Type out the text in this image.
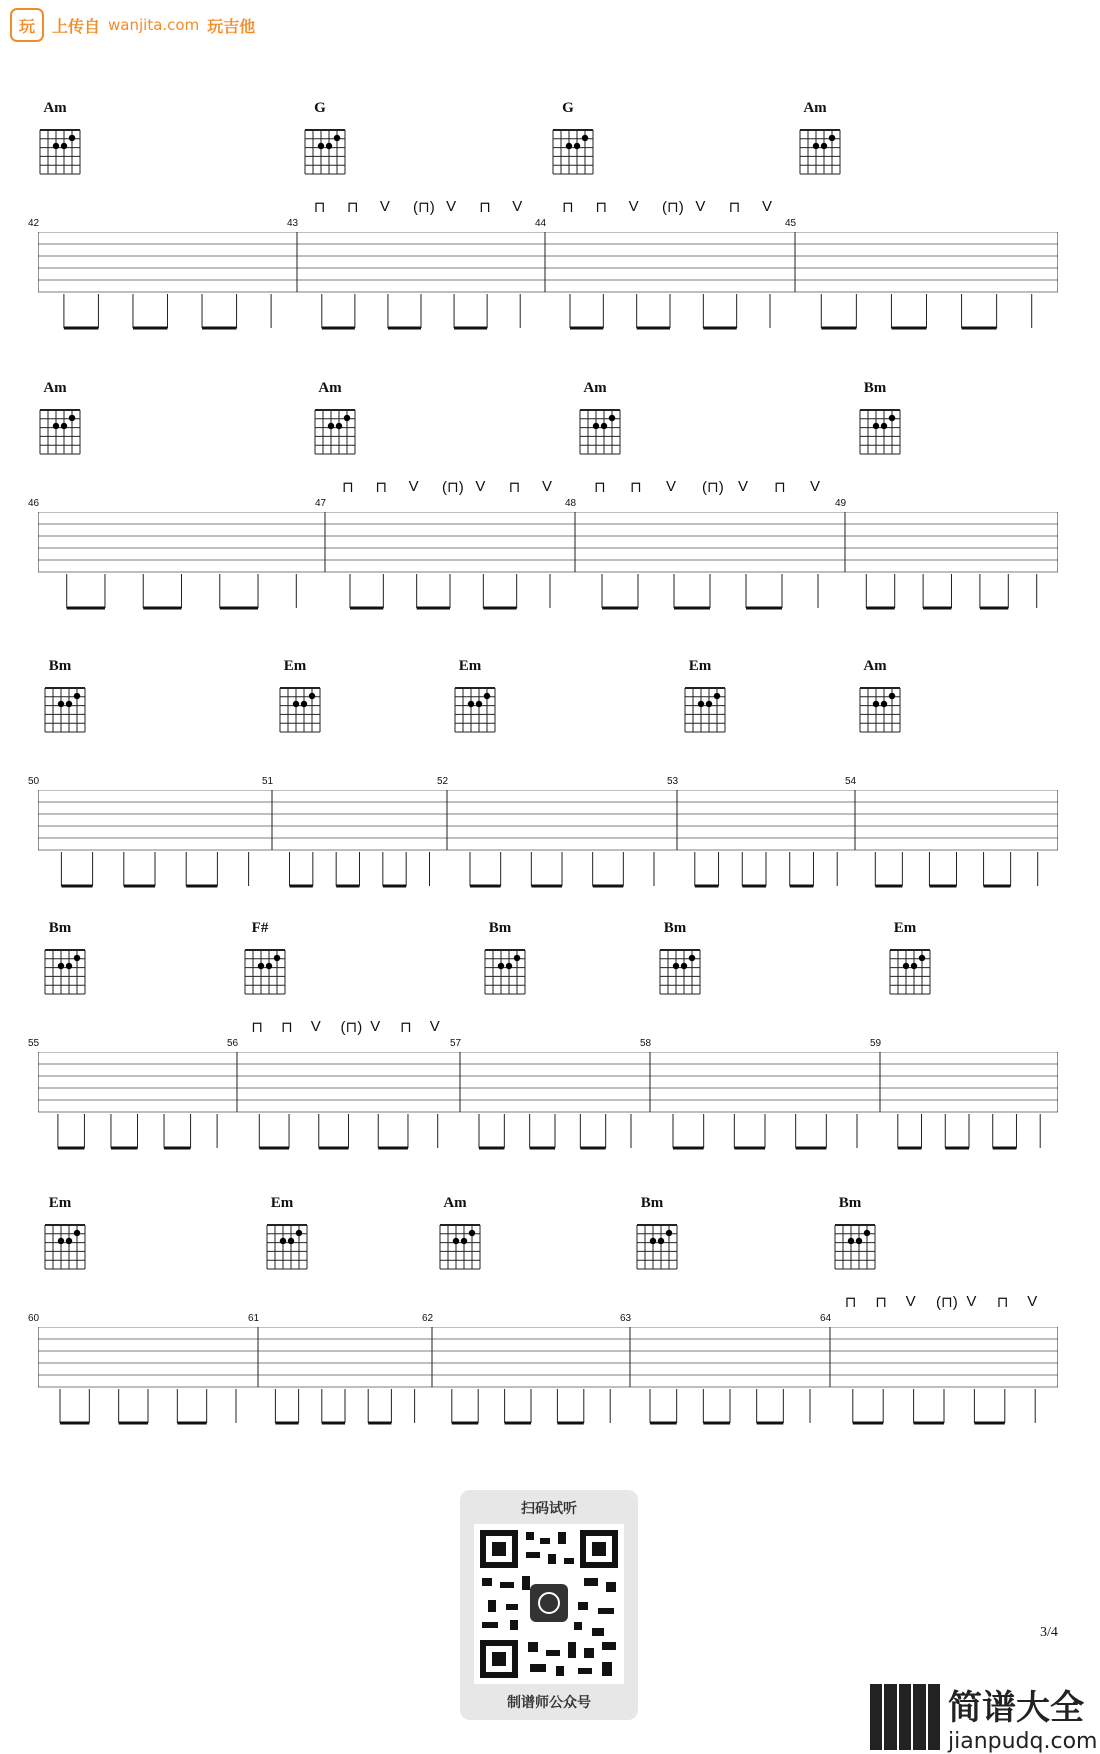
玩	上传自 wanjita.com 玩吉他
Am	G	G	Am
42	43
⊓ ⊓ V (⊓) V ⊓ V
44
⊓ ⊓ V (⊓) V ⊓ V
45
Am	Am	Am	Bm
46	47
⊓ ⊓ V (⊓) V ⊓ V
48
⊓ ⊓ V (⊓) V ⊓ V
49
Bm	Em	Em	Em	Am
50	51	52	53	54
Bm	F#	Bm	Bm	Em
55	56
⊓ ⊓ V (⊓) V ⊓ V
57	58	59
Em	Em	Am	Bm	Bm
60	61	62	63	64
⊓ ⊓ V (⊓) V ⊓ V
扫码试听
制谱师公众号
3/4
简谱大全
jianpudq.com
